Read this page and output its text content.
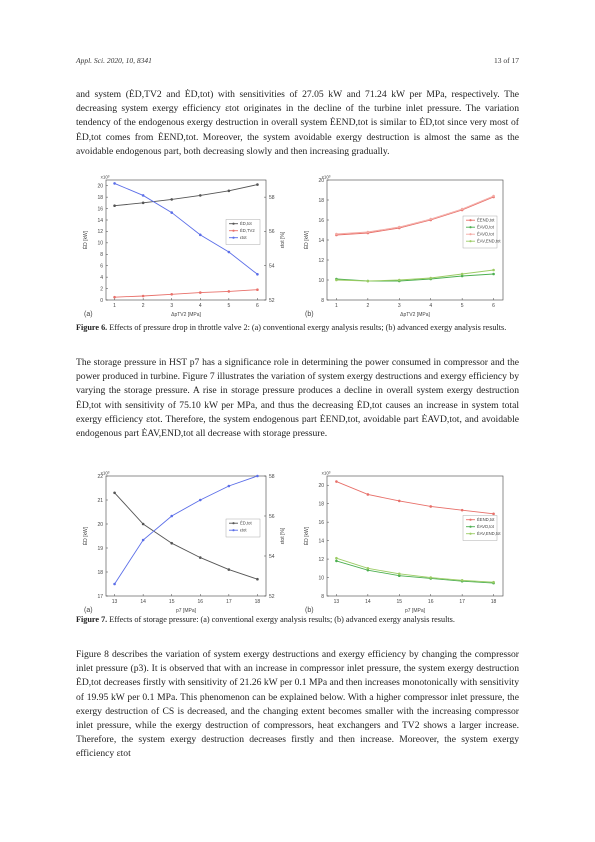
Appl. Sci. 2020, 10, 8341	13 of 17

and system (ĖD,TV2 and ĖD,tot) with sensitivities of 27.05 kW and 71.24 kW per MPa, respectively. The decreasing system exergy efficiency εtot originates in the decline of the turbine inlet pressure. The variation tendency of the endogenous exergy destruction in overall system ĖEND,tot is similar to ĖD,tot since very most of ĖD,tot comes from ĖEND,tot. Moreover, the system avoidable exergy destruction is almost the same as the avoidable endogenous part, both decreasing slowly and then increasing gradually.

1	2	3	4	5	6
0
2
4
6
8
10
12
14
16
18
20
52
54
56
58
εtot [%]
x10³
ĖD [kW]
ΔpTV2 [MPa]
(a)
ĖD,tot
ĖD,TV2
εtot
1	2	3	4	5	6
8
10
12
14
16
18
20
x10³
ĖD [kW]
ΔpTV2 [MPa]
(b)
ĖEND,tot
ĖAVD,tot
ĖAVD,tot
ĖAV,END,tot

Figure 6. Effects of pressure drop in throttle valve 2: (a) conventional exergy analysis results; (b) advanced exergy analysis results.

The storage pressure in HST p7 has a significance role in determining the power consumed in compressor and the power produced in turbine. Figure 7 illustrates the variation of system exergy destructions and exergy efficiency by varying the storage pressure. A rise in storage pressure produces a decline in overall system exergy destruction ĖD,tot with sensitivity of 75.10 kW per MPa, and thus the decreasing ĖD,tot causes an increase in system total exergy efficiency εtot. Therefore, the system endogenous part ĖEND,tot, avoidable part ĖAVD,tot, and avoidable endogenous part ĖAV,END,tot all decrease with storage pressure.

13	14	15	16	17	18
17
18
19
20
21
22
52
54
56
58
εtot [%]
x10³
ĖD [kW]
p7 [MPa]
(a)
ĖD,tot
εtot
13	14	15	16	17	18
8
10
12
14
16
18
20
x10³
ĖD [kW]
p7 [MPa]
(b)
ĖEND,tot
ĖAVD,tot
ĖAV,END,tot

Figure 7. Effects of storage pressure: (a) conventional exergy analysis results; (b) advanced exergy analysis results.

Figure 8 describes the variation of system exergy destructions and exergy efficiency by changing the compressor inlet pressure (p3). It is observed that with an increase in compressor inlet pressure, the system exergy destruction ĖD,tot decreases firstly with sensitivity of 21.26 kW per 0.1 MPa and then increases monotonically with sensitivity of 19.95 kW per 0.1 MPa. This phenomenon can be explained below. With a higher compressor inlet pressure, the exergy destruction of CS is decreased, and the changing extent becomes smaller with the increasing compressor inlet pressure, while the exergy destruction of compressors, heat exchangers and TV2 shows a larger increase. Therefore, the system exergy destruction decreases firstly and then increase. Moreover, the system exergy efficiency εtot
